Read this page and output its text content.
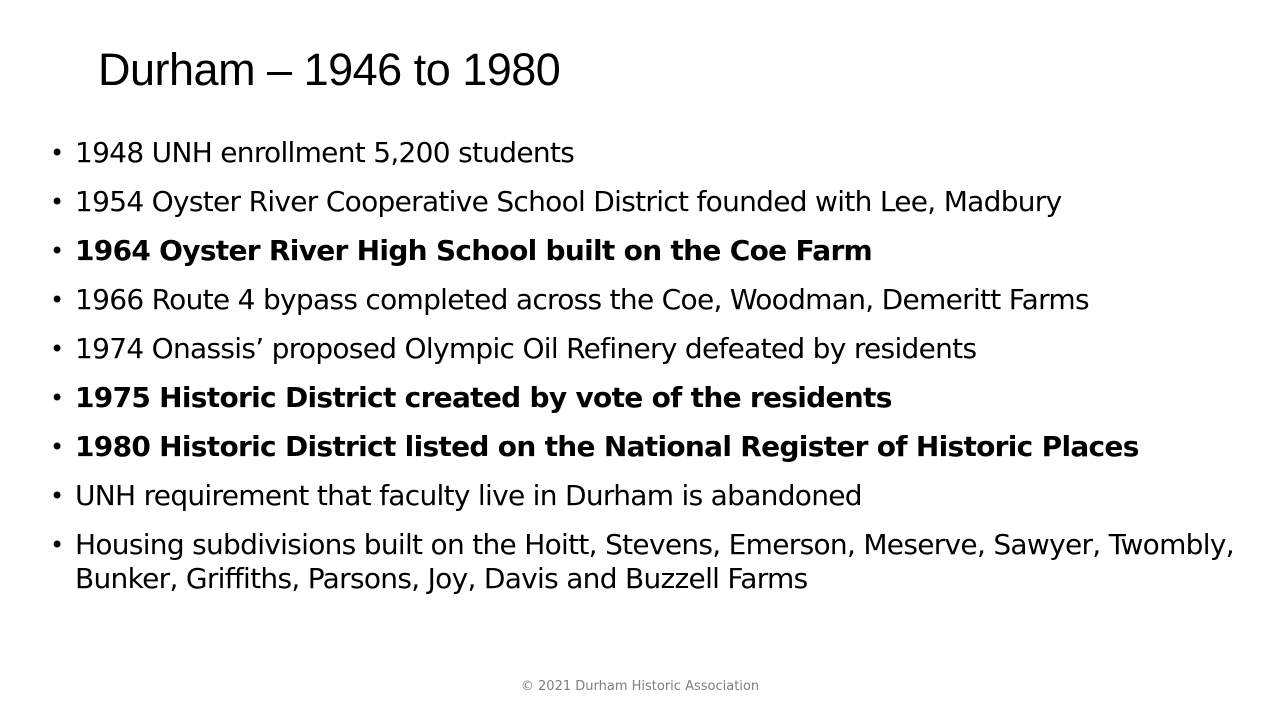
Durham – 1946 to 1980
• 1948 UNH enrollment 5,200 students
• 1954 Oyster River Cooperative School District founded with Lee, Madbury
• 1964 Oyster River High School built on the Coe Farm
• 1966 Route 4 bypass completed across the Coe, Woodman, Demeritt Farms
• 1974 Onassis’ proposed Olympic Oil Refinery defeated by residents
• 1975 Historic District created by vote of the residents
• 1980 Historic District listed on the National Register of Historic Places
• UNH requirement that faculty live in Durham is abandoned
• Housing subdivisions built on the Hoitt, Stevens, Emerson, Meserve, Sawyer, Twombly, Bunker, Griffiths, Parsons, Joy, Davis and Buzzell Farms
© 2021 Durham Historic Association
